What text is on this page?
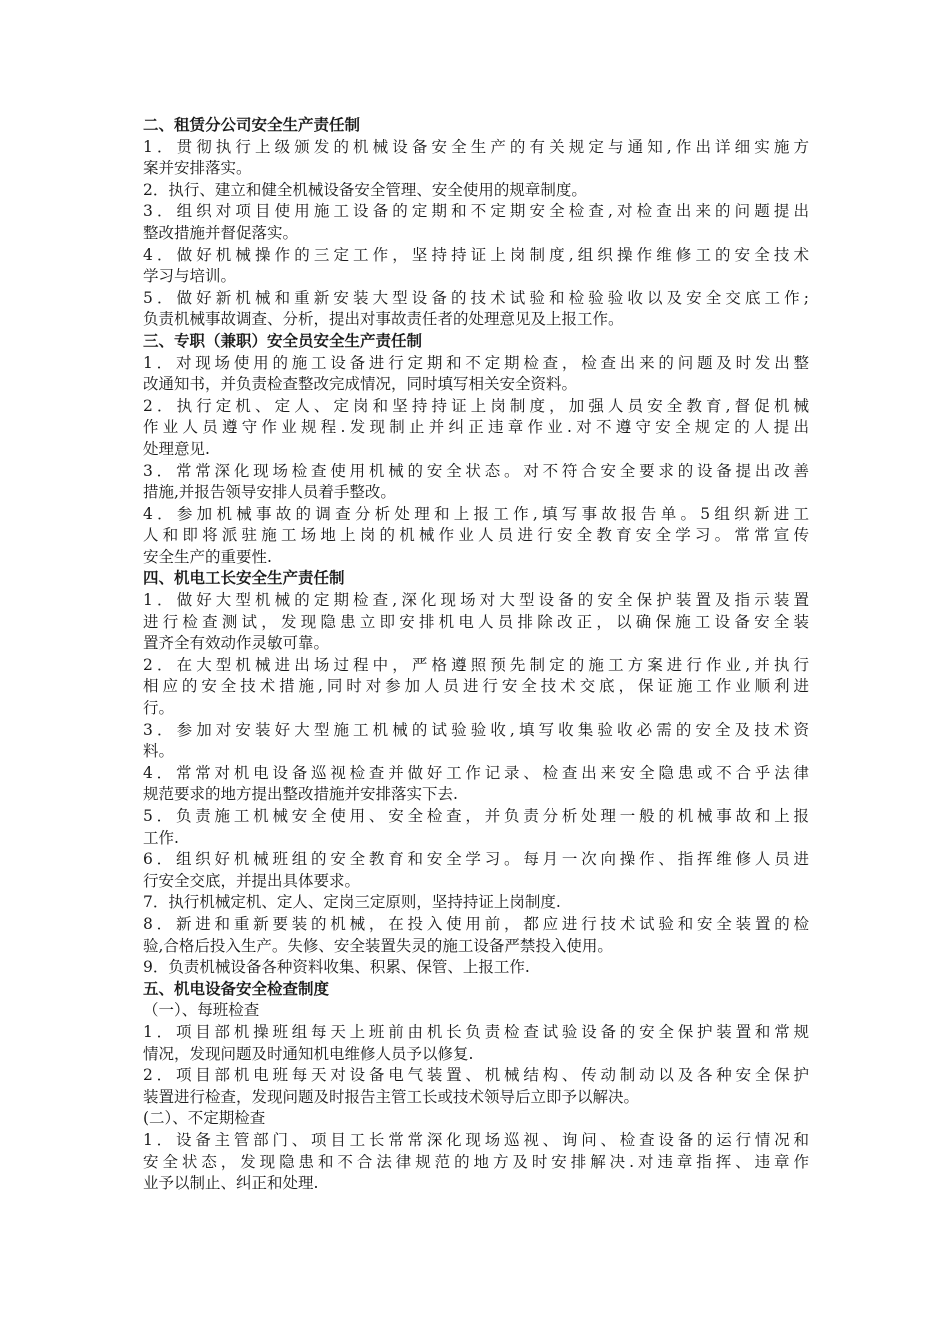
二、租赁分公司安全生产责任制
1．贯彻执行上级颁发的机械设备安全生产的有关规定与通知,作出详细实施方
案并安排落实。
2．执行、建立和健全机械设备安全管理、安全使用的规章制度。
3．组织对项目使用施工设备的定期和不定期安全检查,对检查出来的问题提出
整改措施并督促落实。
4．做好机械操作的三定工作，坚持持证上岗制度,组织操作维修工的安全技术
学习与培训。
5．做好新机械和重新安装大型设备的技术试验和检验验收以及安全交底工作;
负责机械事故调查、分析，提出对事故责任者的处理意见及上报工作。
三、专职（兼职）安全员安全生产责任制
1．对现场使用的施工设备进行定期和不定期检查，检查出来的问题及时发出整
改通知书，并负责检查整改完成情况，同时填写相关安全资料。
2．执行定机、定人、定岗和坚持持证上岗制度，加强人员安全教育,督促机械
作业人员遵守作业规程.发现制止并纠正违章作业.对不遵守安全规定的人提出
处理意见.
3．常常深化现场检查使用机械的安全状态。对不符合安全要求的设备提出改善
措施,并报告领导安排人员着手整改。
4．参加机械事故的调查分析处理和上报工作,填写事故报告单。5组织新进工
人和即将派驻施工场地上岗的机械作业人员进行安全教育安全学习。常常宣传
安全生产的重要性.
四、机电工长安全生产责任制
1．做好大型机械的定期检查,深化现场对大型设备的安全保护装置及指示装置
进行检查测试，发现隐患立即安排机电人员排除改正，以确保施工设备安全装
置齐全有效动作灵敏可靠。
2．在大型机械进出场过程中，严格遵照预先制定的施工方案进行作业,并执行
相应的安全技术措施,同时对参加人员进行安全技术交底，保证施工作业顺利进
行。
3．参加对安装好大型施工机械的试验验收,填写收集验收必需的安全及技术资
料。
4．常常对机电设备巡视检查并做好工作记录、检查出来安全隐患或不合乎法律
规范要求的地方提出整改措施并安排落实下去.
5．负责施工机械安全使用、安全检查，并负责分析处理一般的机械事故和上报
工作.
6．组织好机械班组的安全教育和安全学习。每月一次向操作、指挥维修人员进
行安全交底，并提出具体要求。
7．执行机械定机、定人、定岗三定原则，坚持持证上岗制度.
8．新进和重新要装的机械，在投入使用前，都应进行技术试验和安全装置的检
验,合格后投入生产。失修、安全装置失灵的施工设备严禁投入使用。
9．负责机械设备各种资料收集、积累、保管、上报工作.
五、机电设备安全检查制度
（一）、每班检查
1．项目部机操班组每天上班前由机长负责检查试验设备的安全保护装置和常规
情况，发现问题及时通知机电维修人员予以修复.
2．项目部机电班每天对设备电气装置、机械结构、传动制动以及各种安全保护
装置进行检查，发现问题及时报告主管工长或技术领导后立即予以解决。
(二）、不定期检查
1．设备主管部门、项目工长常常深化现场巡视、询问、检查设备的运行情况和
安全状态，发现隐患和不合法律规范的地方及时安排解决.对违章指挥、违章作
业予以制止、纠正和处理.
